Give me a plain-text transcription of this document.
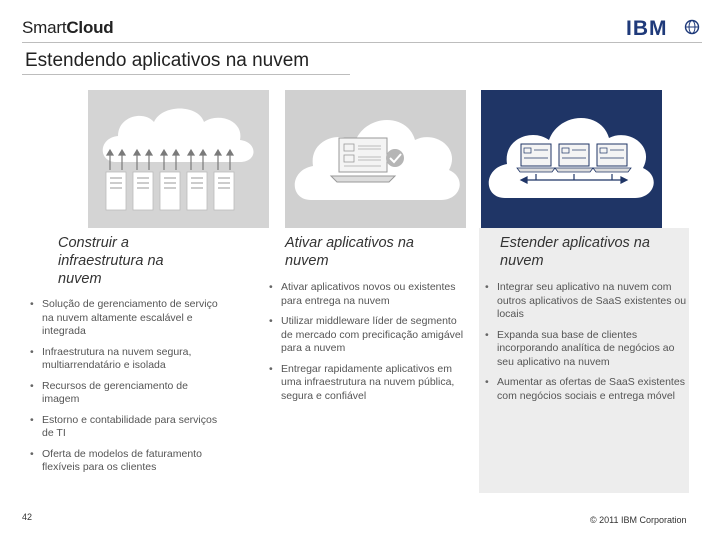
SmartCloud	IBM
Estendendo aplicativos na nuvem
Construir a infraestrutura na nuvem
• Solução de gerenciamento de serviço na nuvem altamente escalável e integrada
• Infraestrutura na nuvem segura, multiarrendatário e isolada
• Recursos de gerenciamento de imagem
• Estorno e contabilidade para serviços de TI
• Oferta de modelos de faturamento flexíveis para os clientes
Ativar aplicativos na nuvem
• Ativar aplicativos novos ou existentes para entrega na nuvem
• Utilizar middleware líder de segmento de mercado com precificação amigável para a nuvem
• Entregar rapidamente aplicativos em uma infraestrutura na nuvem pública, segura e confiável
Estender aplicativos na nuvem
• Integrar seu aplicativo na nuvem com outros aplicativos de SaaS existentes ou locais
• Expanda sua base de clientes incorporando analítica de negócios ao seu aplicativo na nuvem
• Aumentar as ofertas de SaaS existentes com negócios sociais e entrega móvel
42	© 2011 IBM Corporation
